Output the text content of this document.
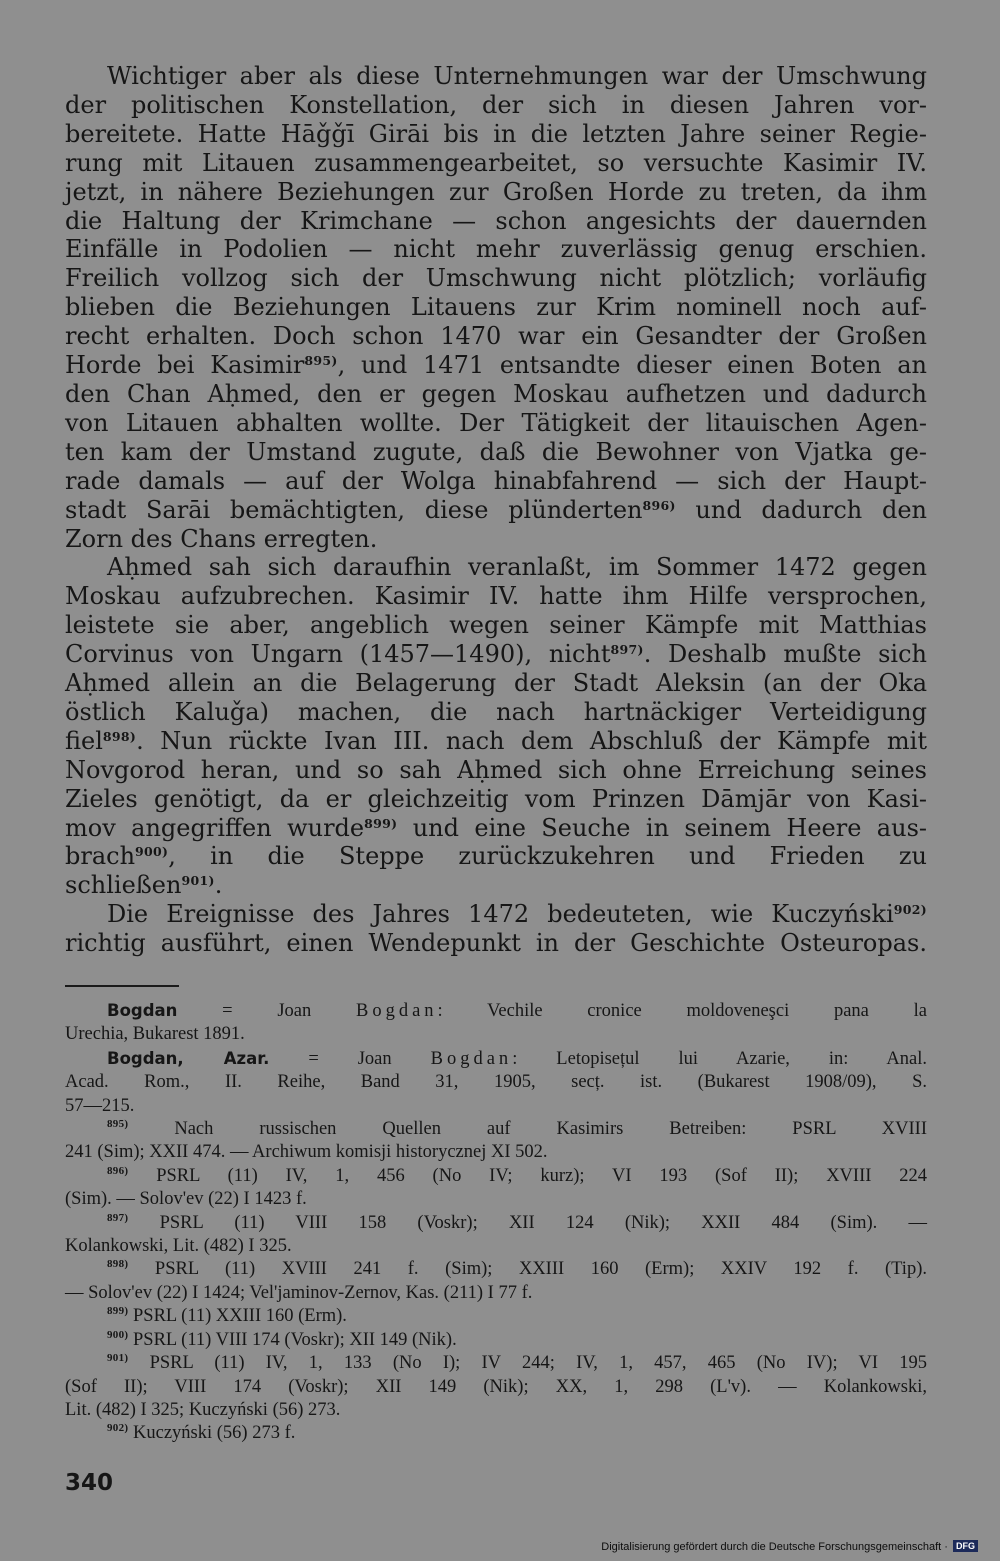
Wichtiger aber als diese Unternehmungen war der Umschwung
der politischen Konstellation, der sich in diesen Jahren vor-
bereitete. Hatte Hāǧǧī Girāi bis in die letzten Jahre seiner Regie-
rung mit Litauen zusammengearbeitet, so versuchte Kasimir IV.
jetzt, in nähere Beziehungen zur Großen Horde zu treten, da ihm
die Haltung der Krimchane — schon angesichts der dauernden
Einfälle in Podolien — nicht mehr zuverlässig genug erschien.
Freilich vollzog sich der Umschwung nicht plötzlich; vorläufig
blieben die Beziehungen Litauens zur Krim nominell noch auf-
recht erhalten. Doch schon 1470 war ein Gesandter der Großen
Horde bei Kasimir$^{895)}$, und 1471 entsandte dieser einen Boten an
den Chan Aḥmed, den er gegen Moskau aufhetzen und dadurch
von Litauen abhalten wollte. Der Tätigkeit der litauischen Agen-
ten kam der Umstand zugute, daß die Bewohner von Vjatka ge-
rade damals — auf der Wolga hinabfahrend — sich der Haupt-
stadt Sarāi bemächtigten, diese plünderten$^{896)}$ und dadurch den
Zorn des Chans erregten.
Aḥmed sah sich daraufhin veranlaßt, im Sommer 1472 gegen
Moskau aufzubrechen. Kasimir IV. hatte ihm Hilfe versprochen,
leistete sie aber, angeblich wegen seiner Kämpfe mit Matthias
Corvinus von Ungarn (1457—1490), nicht$^{897)}$. Deshalb mußte sich
Aḥmed allein an die Belagerung der Stadt Aleksin (an der Oka
östlich Kaluǧa) machen, die nach hartnäckiger Verteidigung
fiel$^{898)}$. Nun rückte Ivan III. nach dem Abschluß der Kämpfe mit
Novgorod heran, und so sah Aḥmed sich ohne Erreichung seines
Zieles genötigt, da er gleichzeitig vom Prinzen Dāmjār von Kasi-
mov angegriffen wurde$^{899)}$ und eine Seuche in seinem Heere aus-
brach$^{900)}$, in die Steppe zurückzukehren und Frieden zu
schließen$^{901)}$.
Die Ereignisse des Jahres 1472 bedeuteten, wie Kuczyński$^{902)}$
richtig ausführt, einen Wendepunkt in der Geschichte Osteuropas.
Bogdan = Joan Bogdan: Vechile cronice moldoveneşci pana la
Urechia, Bukarest 1891.
Bogdan, Azar. = Joan Bogdan: Letopisețul lui Azarie, in: Anal.
Acad. Rom., II. Reihe, Band 31, 1905, secț. ist. (Bukarest 1908/09), S.
57—215.
$^{895)}$ Nach russischen Quellen auf Kasimirs Betreiben: PSRL XVIII
241 (Sim); XXII 474. — Archiwum komisji historycznej XI 502.
$^{896)}$ PSRL (11) IV, 1, 456 (No IV; kurz); VI 193 (Sof II); XVIII 224
(Sim). — Solov'ev (22) I 1423 f.
$^{897)}$ PSRL (11) VIII 158 (Voskr); XII 124 (Nik); XXII 484 (Sim). —
Kolankowski, Lit. (482) I 325.
$^{898)}$ PSRL (11) XVIII 241 f. (Sim); XXIII 160 (Erm); XXIV 192 f. (Tip).
— Solov'ev (22) I 1424; Vel'jaminov-Zernov, Kas. (211) I 77 f.
$^{899)}$ PSRL (11) XXIII 160 (Erm).
$^{900)}$ PSRL (11) VIII 174 (Voskr); XII 149 (Nik).
$^{901)}$ PSRL (11) IV, 1, 133 (No I); IV 244; IV, 1, 457, 465 (No IV); VI 195
(Sof II); VIII 174 (Voskr); XII 149 (Nik); XX, 1, 298 (L'v). — Kolankowski,
Lit. (482) I 325; Kuczyński (56) 273.
$^{902)}$ Kuczyński (56) 273 f.
340
Digitalisierung gefördert durch die Deutsche Forschungsgemeinschaft · DFG
